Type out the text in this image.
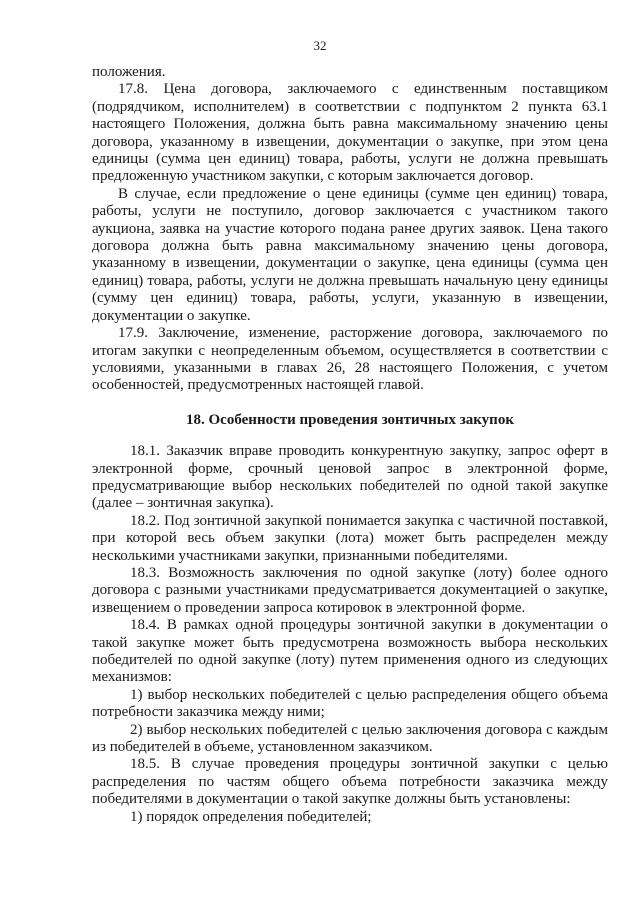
32

положения.

17.8. Цена договора, заключаемого с единственным поставщиком (подрядчиком, исполнителем) в соответствии с подпунктом 2 пункта 63.1 настоящего Положения, должна быть равна максимальному значению цены договора, указанному в извещении, документации о закупке, при этом цена единицы (сумма цен единиц) товара, работы, услуги не должна превышать предложенную участником закупки, с которым заключается договор.

В случае, если предложение о цене единицы (сумме цен единиц) товара, работы, услуги не поступило, договор заключается с участником такого аукциона, заявка на участие которого подана ранее других заявок. Цена такого договора должна быть равна максимальному значению цены договора, указанному в извещении, документации о закупке, цена единицы (сумма цен единиц) товара, работы, услуги не должна превышать начальную цену единицы (сумму цен единиц) товара, работы, услуги, указанную в извещении, документации о закупке.

17.9. Заключение, изменение, расторжение договора, заключаемого по итогам закупки с неопределенным объемом, осуществляется в соответствии с условиями, указанными в главах 26, 28 настоящего Положения, с учетом особенностей, предусмотренных настоящей главой.

18. Особенности проведения зонтичных закупок

18.1. Заказчик вправе проводить конкурентную закупку, запрос оферт в электронной форме, срочный ценовой запрос в электронной форме, предусматривающие выбор нескольких победителей по одной такой закупке (далее – зонтичная закупка).

18.2. Под зонтичной закупкой понимается закупка с частичной поставкой, при которой весь объем закупки (лота) может быть распределен между несколькими участниками закупки, признанными победителями.

18.3. Возможность заключения по одной закупке (лоту) более одного договора с разными участниками предусматривается документацией о закупке, извещением о проведении запроса котировок в электронной форме.

18.4. В рамках одной процедуры зонтичной закупки в документации о такой закупке может быть предусмотрена возможность выбора нескольких победителей по одной закупке (лоту) путем применения одного из следующих механизмов:

1) выбор нескольких победителей с целью распределения общего объема потребности заказчика между ними;

2) выбор нескольких победителей с целью заключения договора с каждым из победителей в объеме, установленном заказчиком.

18.5. В случае проведения процедуры зонтичной закупки с целью распределения по частям общего объема потребности заказчика между победителями в документации о такой закупке должны быть установлены:

1) порядок определения победителей;
